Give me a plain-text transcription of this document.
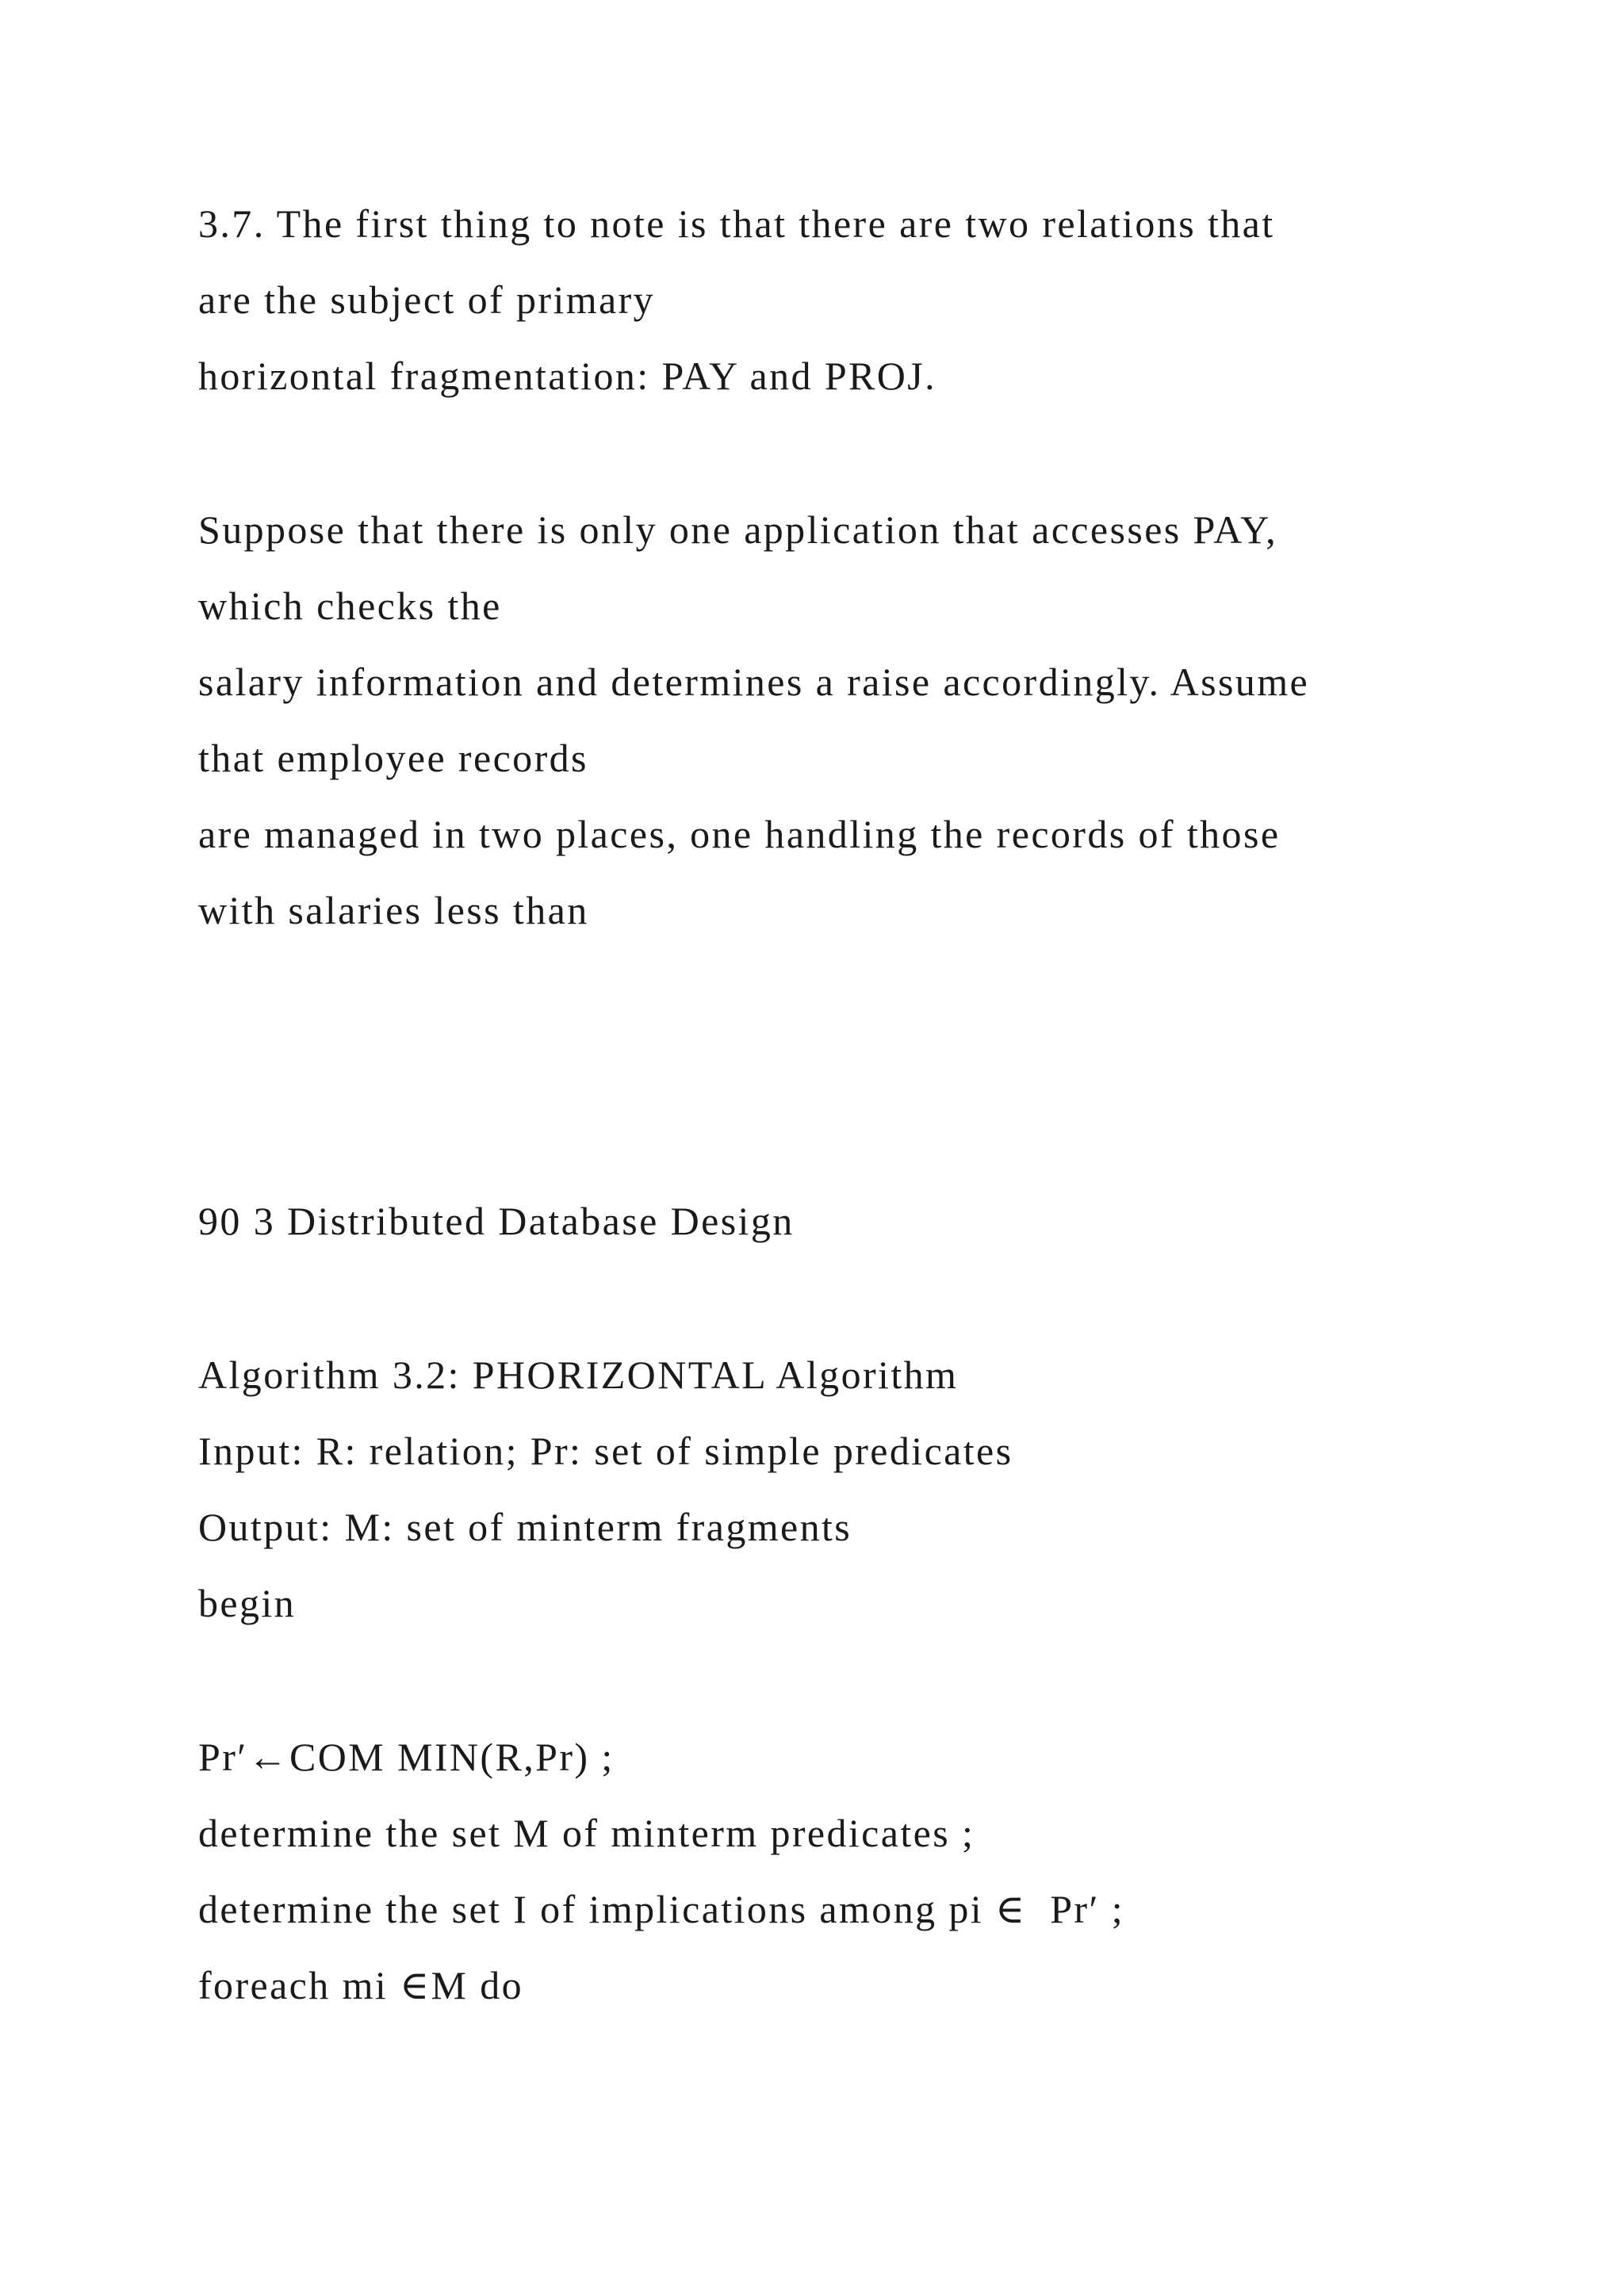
3.7. The first thing to note is that there are two relations that
are the subject of primary
horizontal fragmentation: PAY and PROJ.
Suppose that there is only one application that accesses PAY,
which checks the
salary information and determines a raise accordingly. Assume
that employee records
are managed in two places, one handling the records of those
with salaries less than
90 3 Distributed Database Design
Algorithm 3.2: PHORIZONTAL Algorithm
Input: R: relation; Pr: set of simple predicates
Output: M: set of minterm fragments
begin
Pr′←COM MIN(R,Pr) ;
determine the set M of minterm predicates ;
determine the set I of implications among pi ∈  Pr′ ;
foreach mi ∈M do
